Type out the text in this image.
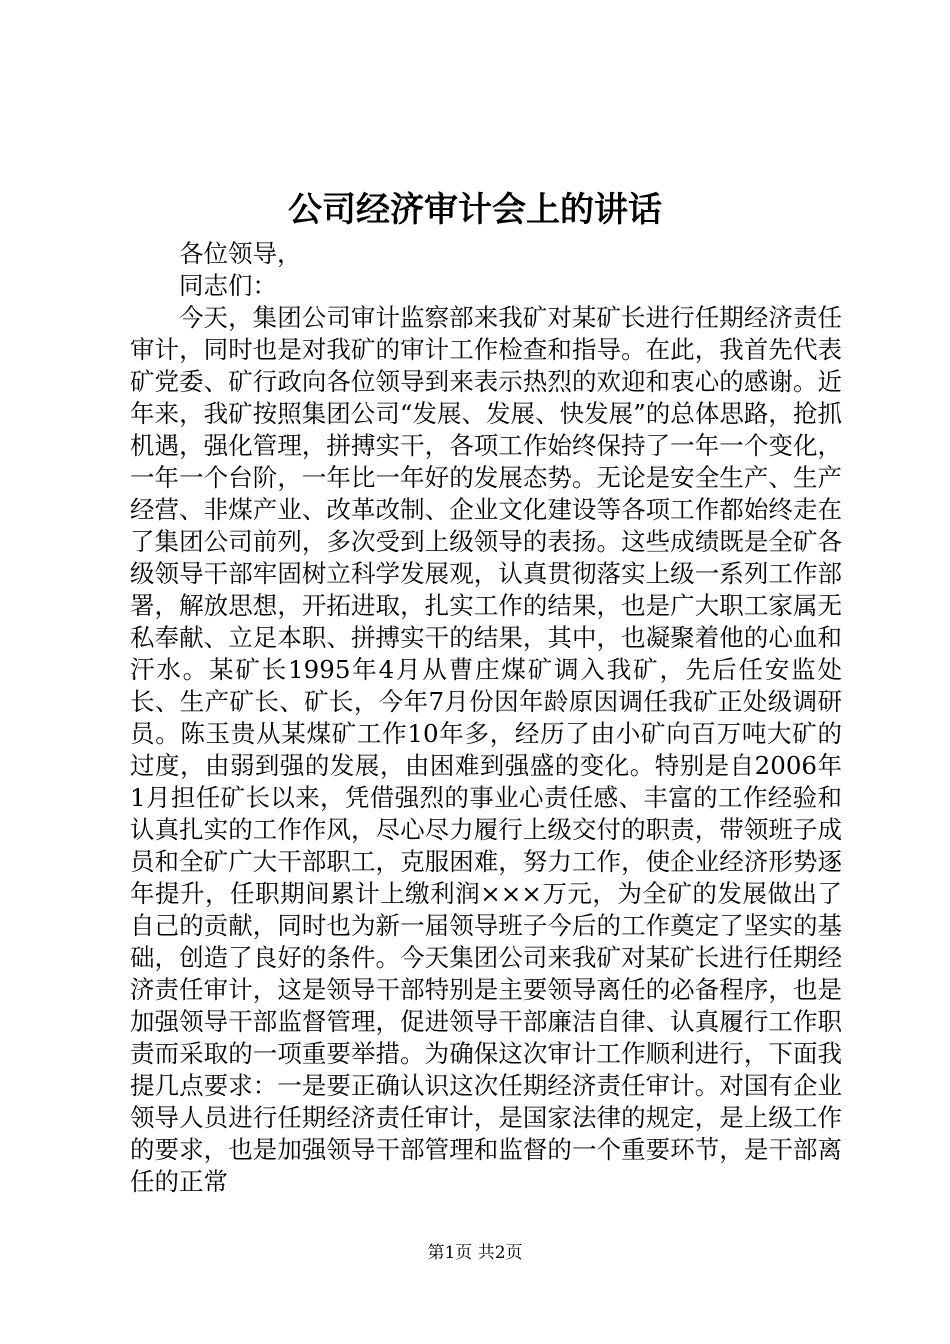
公司经济审计会上的讲话

各位领导，

同志们：

今天，集团公司审计监察部来我矿对某矿长进行任期经济责任审计，同时也是对我矿的审计工作检查和指导。在此，我首先代表矿党委、矿行政向各位领导到来表示热烈的欢迎和衷心的感谢。近年来，我矿按照集团公司“发展、发展、快发展”的总体思路，抢抓机遇，强化管理，拼搏实干，各项工作始终保持了一年一个变化，一年一个台阶，一年比一年好的发展态势。无论是安全生产、生产经营、非煤产业、改革改制、企业文化建设等各项工作都始终走在了集团公司前列，多次受到上级领导的表扬。这些成绩既是全矿各级领导干部牢固树立科学发展观，认真贯彻落实上级一系列工作部署，解放思想，开拓进取，扎实工作的结果，也是广大职工家属无私奉献、立足本职、拼搏实干的结果，其中，也凝聚着他的心血和汗水。某矿长1995年4月从曹庄煤矿调入我矿，先后任安监处长、生产矿长、矿长，今年7月份因年龄原因调任我矿正处级调研员。陈玉贵从某煤矿工作10年多，经历了由小矿向百万吨大矿的过度，由弱到强的发展，由困难到强盛的变化。特别是自2006年1月担任矿长以来，凭借强烈的事业心责任感、丰富的工作经验和认真扎实的工作作风，尽心尽力履行上级交付的职责，带领班子成员和全矿广大干部职工，克服困难，努力工作，使企业经济形势逐年提升，任职期间累计上缴利润×××万元，为全矿的发展做出了自己的贡献，同时也为新一届领导班子今后的工作奠定了坚实的基础，创造了良好的条件。今天集团公司来我矿对某矿长进行任期经济责任审计，这是领导干部特别是主要领导离任的必备程序，也是加强领导干部监督管理，促进领导干部廉洁自律、认真履行工作职责而采取的一项重要举措。为确保这次审计工作顺利进行，下面我提几点要求：一是要正确认识这次任期经济责任审计。对国有企业领导人员进行任期经济责任审计，是国家法律的规定，是上级工作的要求，也是加强领导干部管理和监督的一个重要环节，是干部离任的正常

第1页 共2页
